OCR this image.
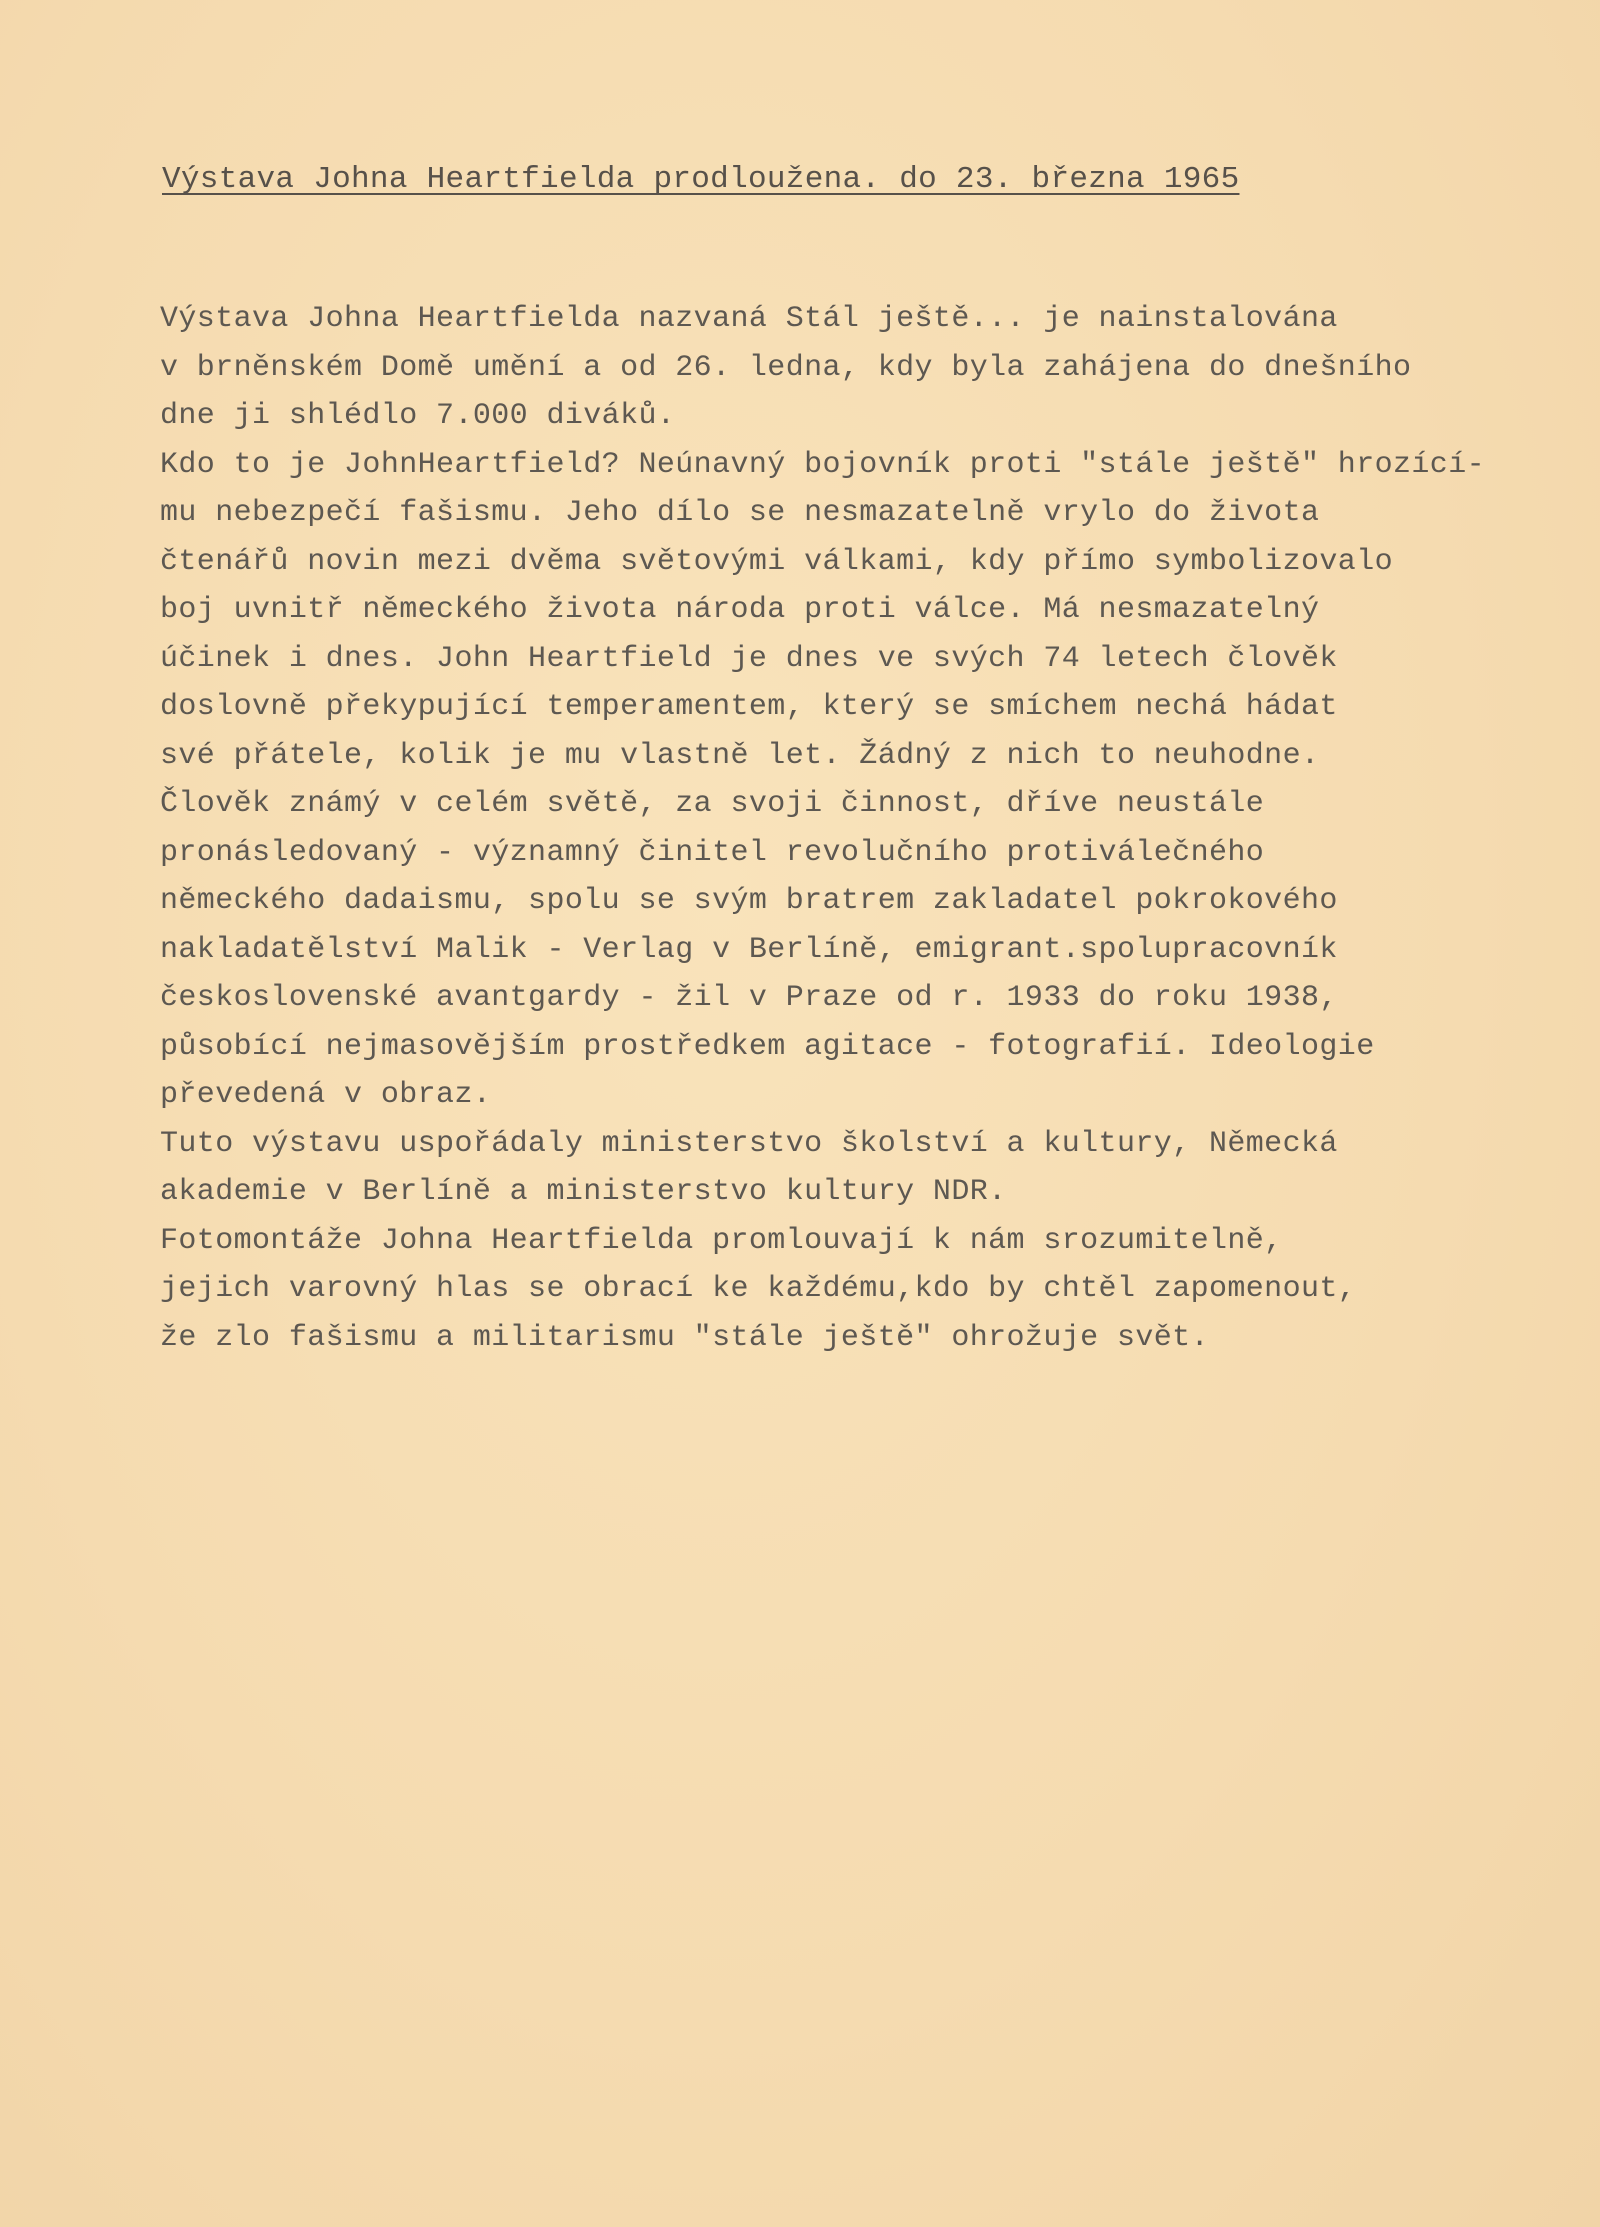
Výstava Johna Heartfielda prodloužena. do 23. března 1965
Výstava Johna Heartfielda nazvaná Stál ještě... je nainstalována
v brněnském Domě umění a od 26. ledna, kdy byla zahájena do dnešního
dne ji shlédlo 7.000 diváků.
Kdo to je JohnHeartfield? Neúnavný bojovník proti "stále ještě" hrozící-
mu nebezpečí fašismu. Jeho dílo se nesmazatelně vrylo do života
čtenářů novin mezi dvěma světovými válkami, kdy přímo symbolizovalo
boj uvnitř německého života národa proti válce. Má nesmazatelný
účinek i dnes. John Heartfield je dnes ve svých 74 letech člověk
doslovně překypující temperamentem, který se smíchem nechá hádat
své přátele, kolik je mu vlastně let. Žádný z nich to neuhodne.
Člověk známý v celém světě, za svoji činnost, dříve neustále
pronásledovaný - významný činitel revolučního protiválečného
německého dadaismu, spolu se svým bratrem zakladatel pokrokového
nakladatělství Malik - Verlag v Berlíně, emigrant.spolupracovník
československé avantgardy - žil v Praze od r. 1933 do roku 1938,
působící nejmasovějším prostředkem agitace - fotografií. Ideologie
převedená v obraz.
Tuto výstavu uspořádaly ministerstvo školství a kultury, Německá
akademie v Berlíně a ministerstvo kultury NDR.
Fotomontáže Johna Heartfielda promlouvají k nám srozumitelně,
jejich varovný hlas se obrací ke každému,kdo by chtěl zapomenout,
že zlo fašismu a militarismu "stále ještě" ohrožuje svět.
